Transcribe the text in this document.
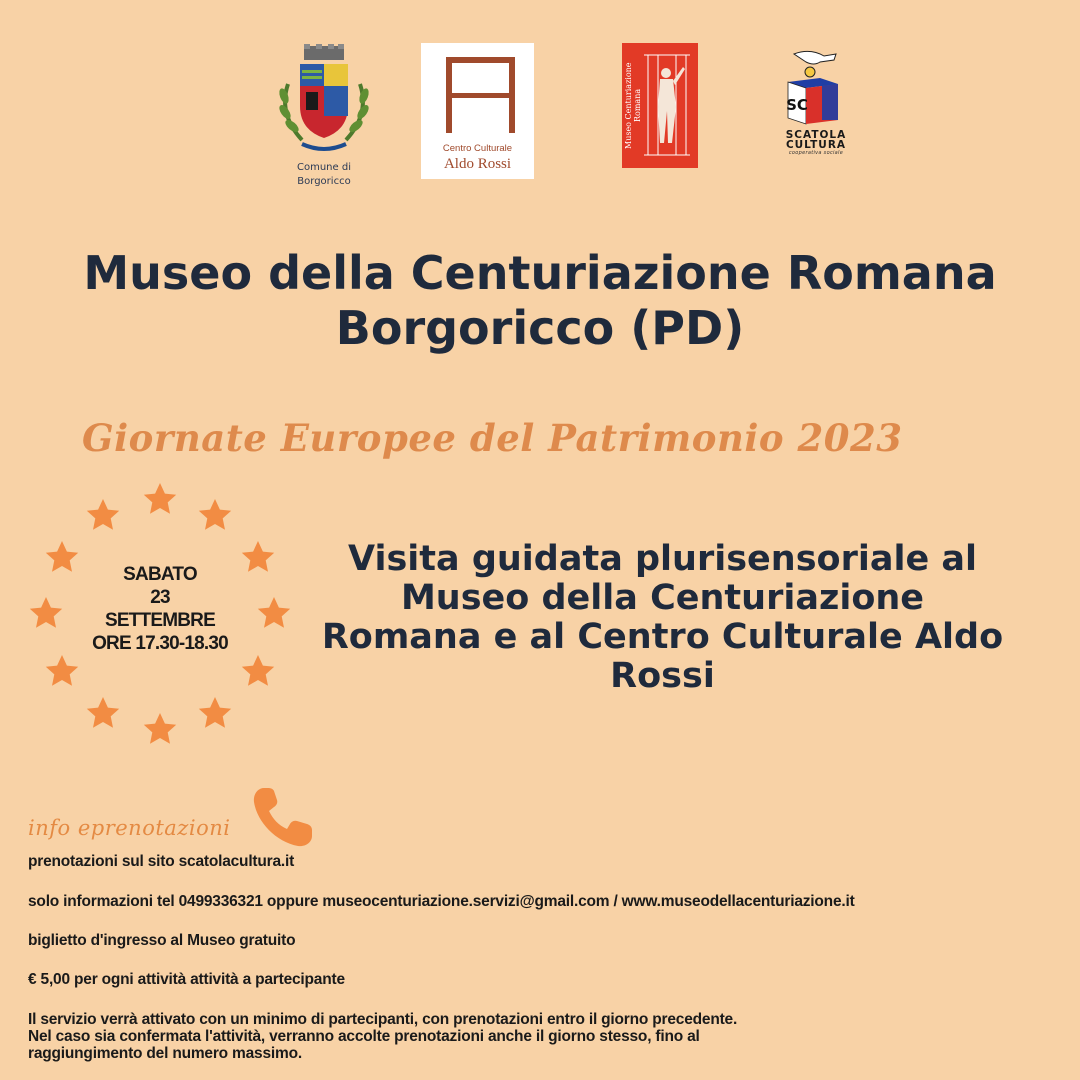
Comune di
Borgoricco
Centro Culturale
Aldo Rossi
Museo Centuriazione Romana	SC
SCATOLA
CULTURA
cooperativa sociale
Museo della Centuriazione Romana
Borgoricco (PD)
Giornate Europee del Patrimonio 2023
SABATO
23
SETTEMBRE
ORE 17.30-18.30
Visita guidata plurisensoriale al
Museo della Centuriazione
Romana e al Centro Culturale Aldo
Rossi
info eprenotazioni
prenotazioni sul sito scatolacultura.it
solo informazioni tel 0499336321 oppure museocenturiazione.servizi@gmail.com / www.museodellacenturiazione.it
biglietto d'ingresso al Museo gratuito
€ 5,00 per ogni attività attività a partecipante
Il servizio verrà attivato con un minimo di partecipanti, con prenotazioni entro il giorno precedente.
Nel caso sia confermata l'attività, verranno accolte prenotazioni anche il giorno stesso, fino al
raggiungimento del numero massimo.
